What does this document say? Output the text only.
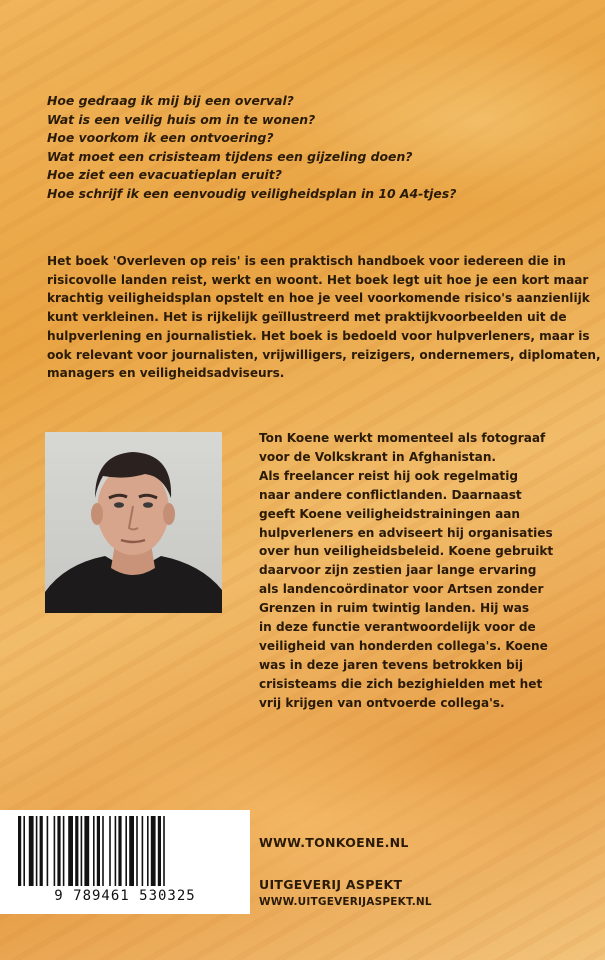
Hoe gedraag ik mij bij een overval?
Wat is een veilig huis om in te wonen?
Hoe voorkom ik een ontvoering?
Wat moet een crisisteam tijdens een gijzeling doen?
Hoe ziet een evacuatieplan eruit?
Hoe schrijf ik een eenvoudig veiligheidsplan in 10 A4-tjes?
Het boek 'Overleven op reis' is een praktisch handboek voor iedereen die in
risicovolle landen reist, werkt en woont. Het boek legt uit hoe je een kort maar
krachtig veiligheidsplan opstelt en hoe je veel voorkomende risico's aanzienlijk
kunt verkleinen. Het is rijkelijk geïllustreerd met praktijkvoorbeelden uit de
hulpverlening en journalistiek. Het boek is bedoeld voor hulpverleners, maar is
ook relevant voor journalisten, vrijwilligers, reizigers, ondernemers, diplomaten,
managers en veiligheidsadviseurs.
Ton Koene werkt momenteel als fotograaf
voor de Volkskrant in Afghanistan.
Als freelancer reist hij ook regelmatig
naar andere conflictlanden. Daarnaast
geeft Koene veiligheidstrainingen aan
hulpverleners en adviseert hij organisaties
over hun veiligheidsbeleid. Koene gebruikt
daarvoor zijn zestien jaar lange ervaring
als landencoördinator voor Artsen zonder
Grenzen in ruim twintig landen. Hij was
in deze functie verantwoordelijk voor de
veiligheid van honderden collega's. Koene
was in deze jaren tevens betrokken bij
crisisteams die zich bezighielden met het
vrij krijgen van ontvoerde collega's.
9 789461 530325
WWW.TONKOENE.NL
UITGEVERIJ ASPEKT
WWW.UITGEVERIJASPEKT.NL
